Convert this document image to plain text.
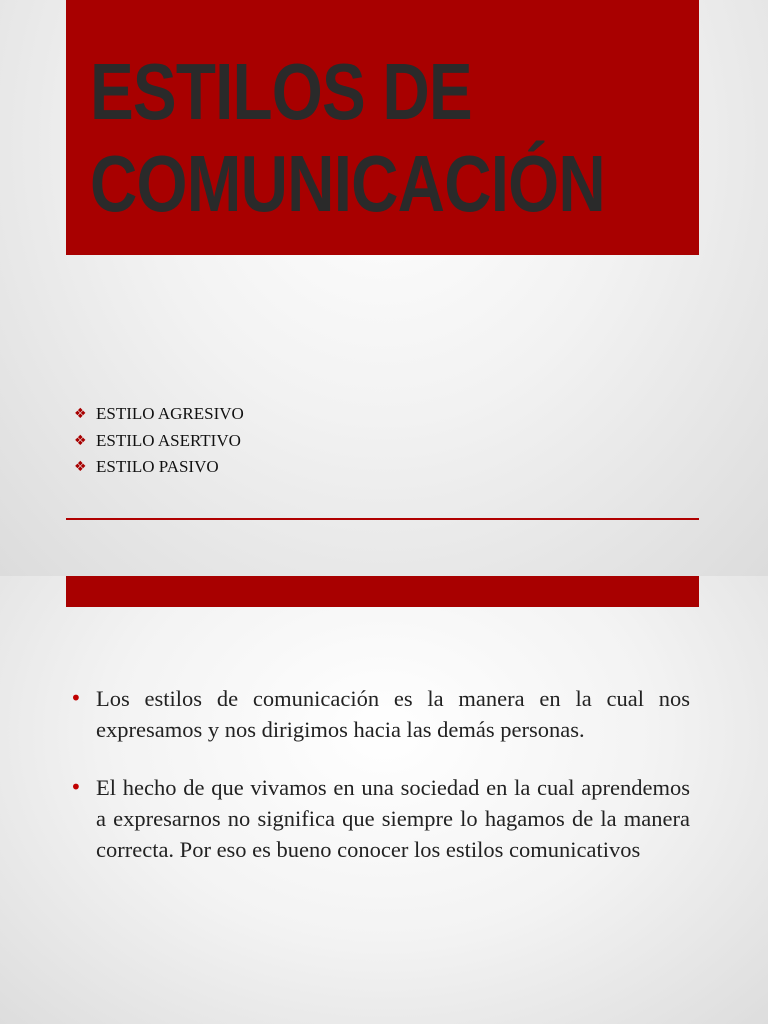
ESTILOS DE
COMUNICACIÓN
❖ ESTILO AGRESIVO
❖ ESTILO ASERTIVO
❖ ESTILO PASIVO
• Los estilos de comunicación es la manera en la cual nos expresamos y nos dirigimos hacia las demás personas.
• El hecho de que vivamos en una sociedad en la cual aprendemos a expresarnos no significa que siempre lo hagamos de la manera correcta. Por eso es bueno conocer los estilos comunicativos
